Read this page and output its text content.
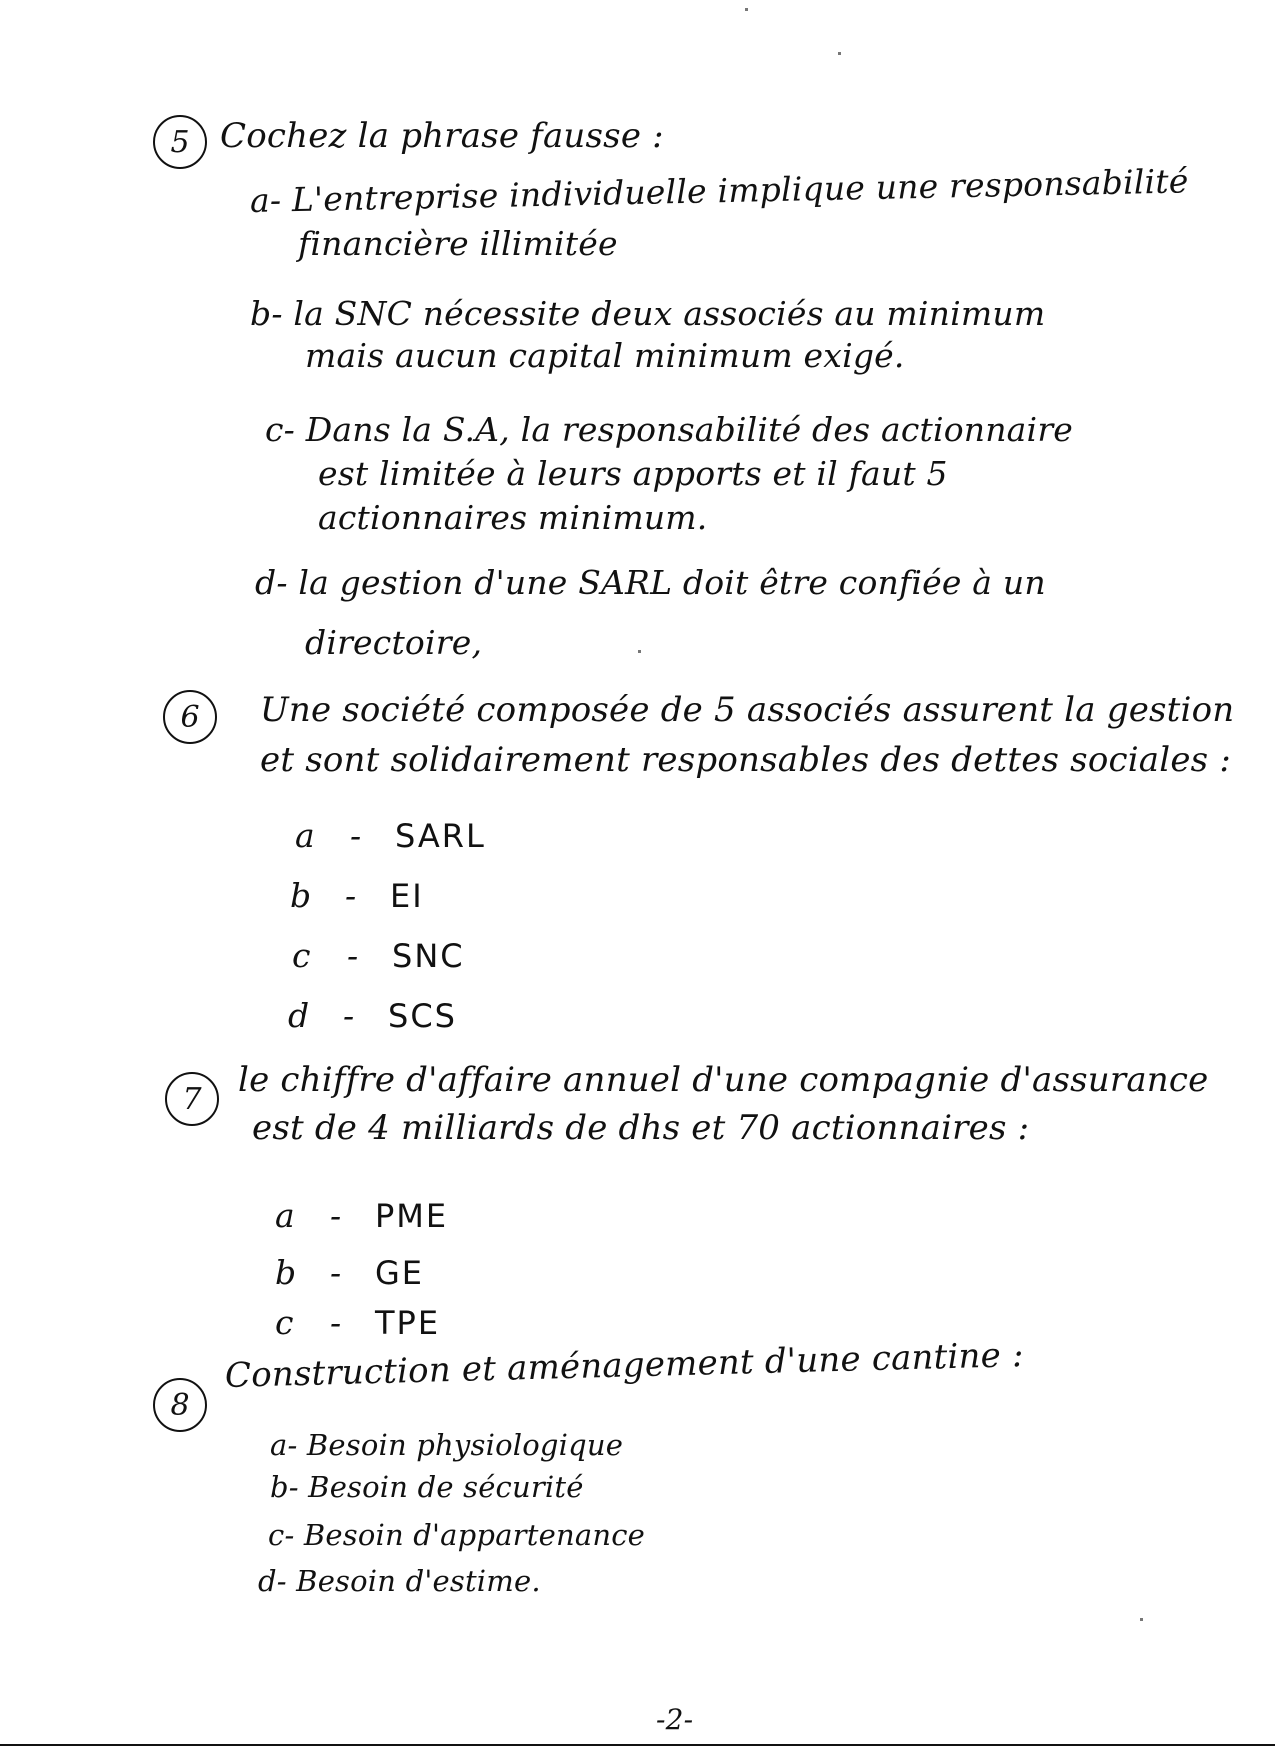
5 Cochez la phrase fausse :
a- L'entreprise individuelle implique une responsabilité
financière illimitée
b- la SNC nécessite deux associés au minimum
mais aucun capital minimum exigé.
c- Dans la S.A, la responsabilité des actionnaire
est limitée à leurs apports et il faut 5
actionnaires minimum.
d- la gestion d'une SARL doit être confiée à un
directoire,
6 Une société composée de 5 associés assurent la gestion
et sont solidairement responsables des dettes sociales :
a - SARL
b - EI
c - SNC
d - SCS
7 le chiffre d'affaire annuel d'une compagnie d'assurance
est de 4 milliards de dhs et 70 actionnaires :
a - PME
b - GE
c - TPE
8
Construction et aménagement d'une cantine :
a- Besoin physiologique
b- Besoin de sécurité
c- Besoin d'appartenance
d- Besoin d'estime.
-2-
